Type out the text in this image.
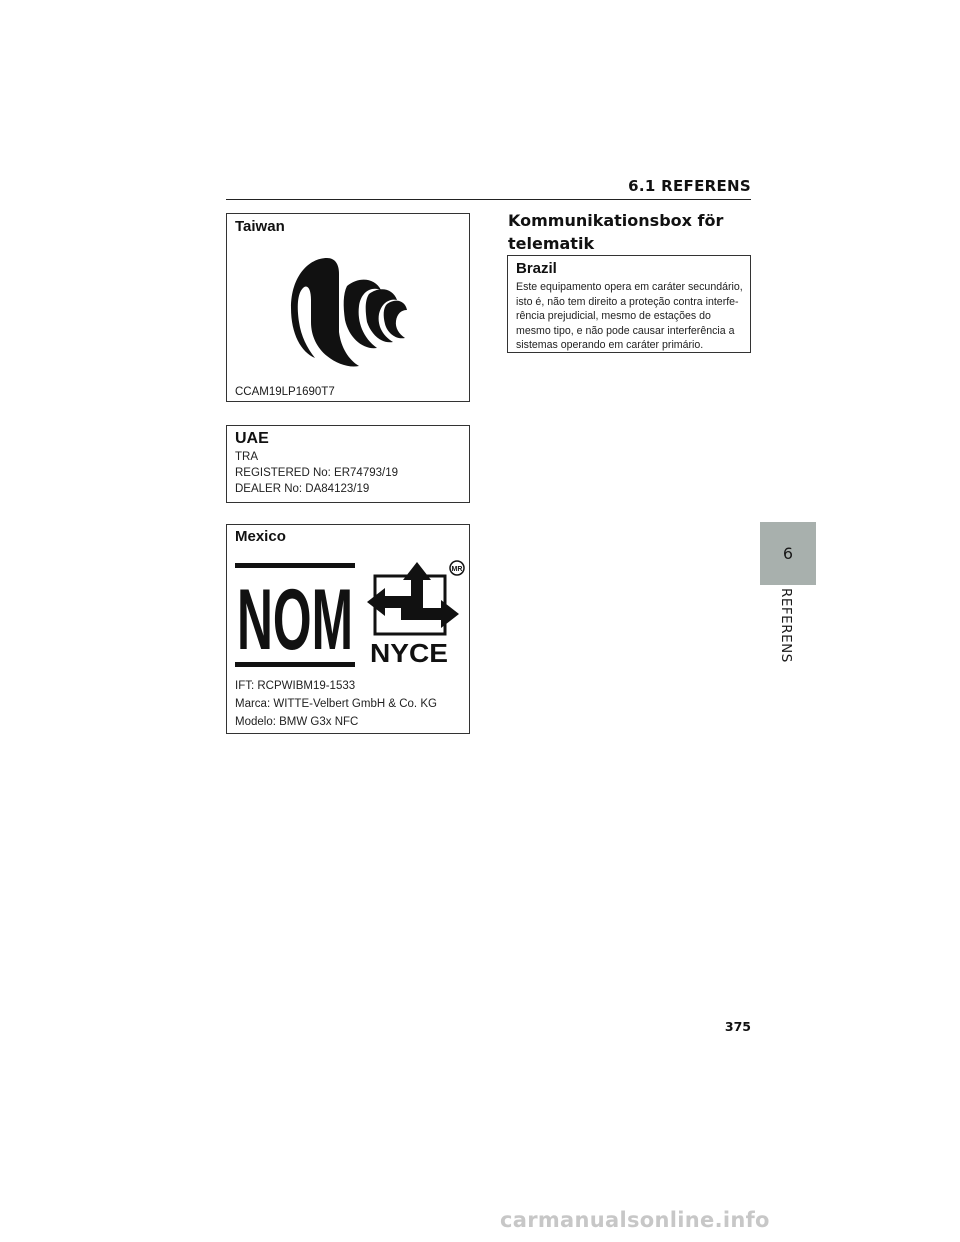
6.1 REFERENS
Taiwan
CCAM19LP1690T7
UAE
TRA
REGISTERED No: ER74793/19
DEALER No: DA84123/19
Mexico
NOM
MR
NYCE
IFT: RCPWIBM19-1533
Marca: WITTE-Velbert GmbH & Co. KG
Modelo: BMW G3x NFC
Kommunikationsbox för telematik
Brazil
Este equipamento opera em caráter secundário, isto é, não tem direito a proteção contra interfe-rência prejudicial, mesmo de estações do mesmo tipo, e não pode causar interferência a sistemas operando em caráter primário.
6
REFERENS
375
carmanualsonline.info
